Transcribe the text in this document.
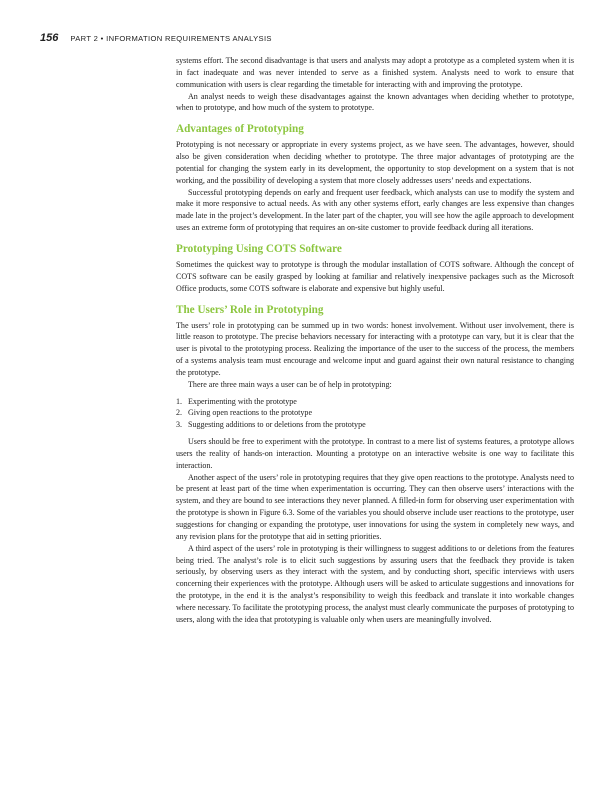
156 PART 2 • INFORMATION REQUIREMENTS ANALYSIS

systems effort. The second disadvantage is that users and analysts may adopt a prototype as a completed system when it is in fact inadequate and was never intended to serve as a finished system. Analysts need to work to ensure that communication with users is clear regarding the timetable for interacting with and improving the prototype.

An analyst needs to weigh these disadvantages against the known advantages when deciding whether to prototype, when to prototype, and how much of the system to prototype.

Advantages of Prototyping

Prototyping is not necessary or appropriate in every systems project, as we have seen. The advantages, however, should also be given consideration when deciding whether to prototype. The three major advantages of prototyping are the potential for changing the system early in its development, the opportunity to stop development on a system that is not working, and the possibility of developing a system that more closely addresses users’ needs and expectations.

Successful prototyping depends on early and frequent user feedback, which analysts can use to modify the system and make it more responsive to actual needs. As with any other systems effort, early changes are less expensive than changes made late in the project’s development. In the later part of the chapter, you will see how the agile approach to development uses an extreme form of prototyping that requires an on-site customer to provide feedback during all iterations.

Prototyping Using COTS Software

Sometimes the quickest way to prototype is through the modular installation of COTS software. Although the concept of COTS software can be easily grasped by looking at familiar and relatively inexpensive packages such as the Microsoft Office products, some COTS software is elaborate and expensive but highly useful.

The Users’ Role in Prototyping

The users’ role in prototyping can be summed up in two words: honest involvement. Without user involvement, there is little reason to prototype. The precise behaviors necessary for interacting with a prototype can vary, but it is clear that the user is pivotal to the prototyping process. Realizing the importance of the user to the success of the process, the members of a systems analysis team must encourage and welcome input and guard against their own natural resistance to changing the prototype.

There are three main ways a user can be of help in prototyping:

1. Experimenting with the prototype
2. Giving open reactions to the prototype
3. Suggesting additions to or deletions from the prototype

Users should be free to experiment with the prototype. In contrast to a mere list of systems features, a prototype allows users the reality of hands-on interaction. Mounting a prototype on an interactive website is one way to facilitate this interaction.

Another aspect of the users’ role in prototyping requires that they give open reactions to the prototype. Analysts need to be present at least part of the time when experimentation is occurring. They can then observe users’ interactions with the system, and they are bound to see interactions they never planned. A filled-in form for observing user experimentation with the prototype is shown in Figure 6.3. Some of the variables you should observe include user reactions to the prototype, user suggestions for changing or expanding the prototype, user innovations for using the system in completely new ways, and any revision plans for the prototype that aid in setting priorities.

A third aspect of the users’ role in prototyping is their willingness to suggest additions to or deletions from the features being tried. The analyst’s role is to elicit such suggestions by assuring users that the feedback they provide is taken seriously, by observing users as they interact with the system, and by conducting short, specific interviews with users concerning their experiences with the prototype. Although users will be asked to articulate suggestions and innovations for the prototype, in the end it is the analyst’s responsibility to weigh this feedback and translate it into workable changes where necessary. To facilitate the prototyping process, the analyst must clearly communicate the purposes of prototyping to users, along with the idea that prototyping is valuable only when users are meaningfully involved.
